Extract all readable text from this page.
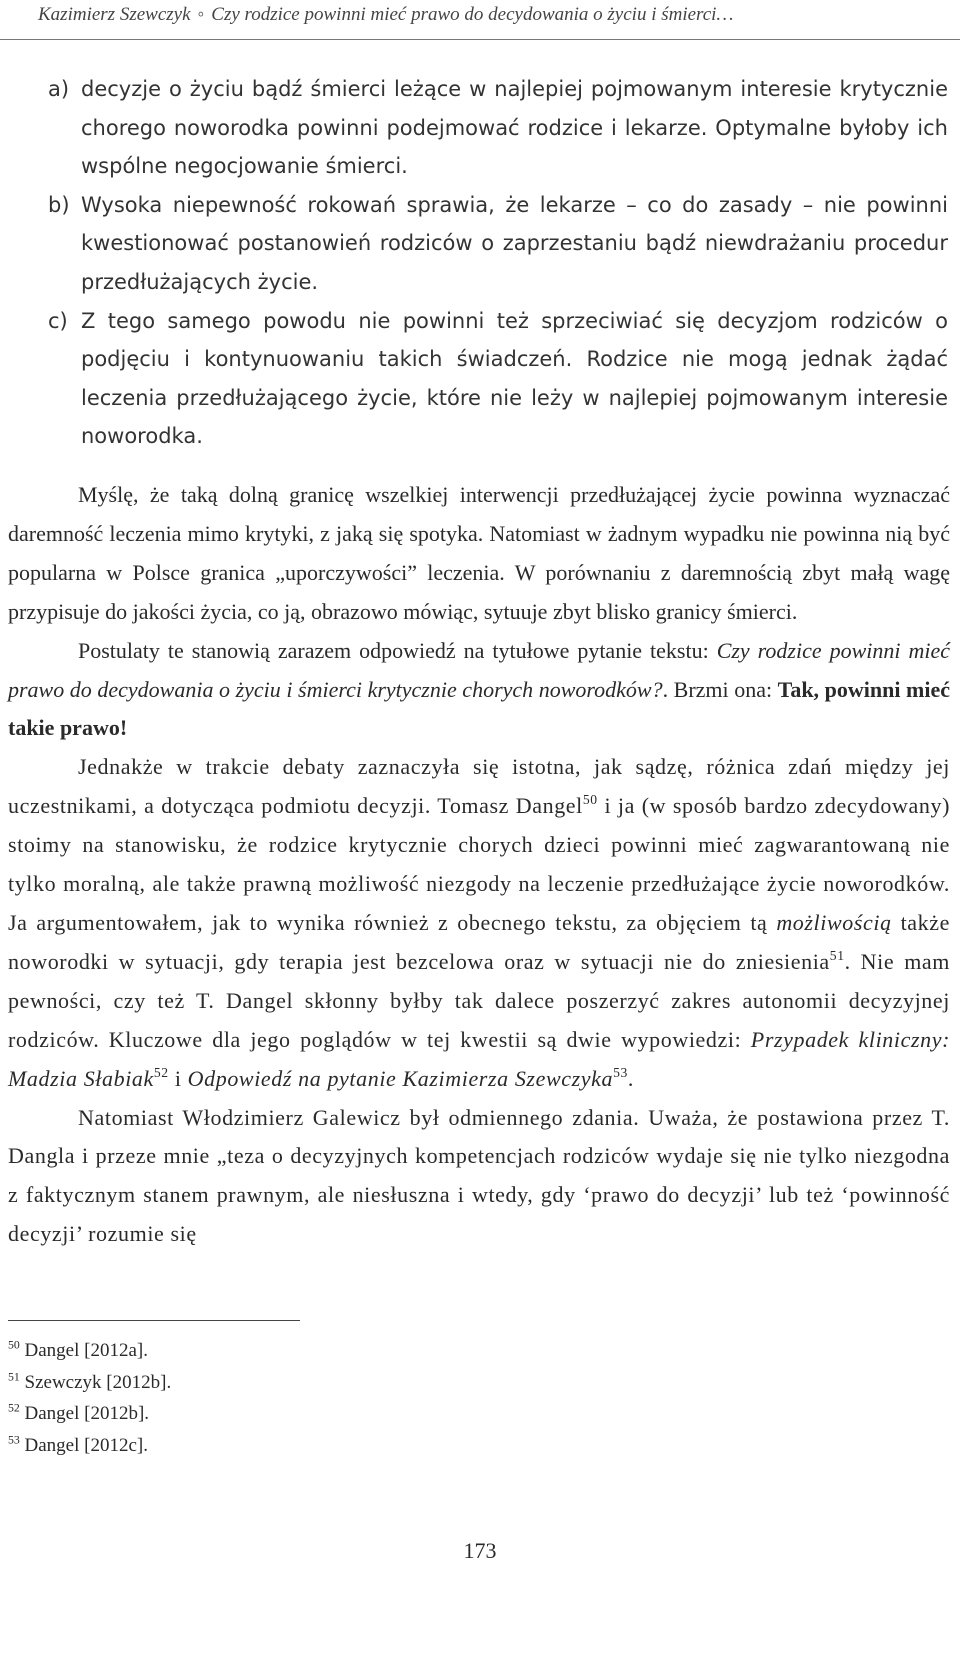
Kazimierz Szewczyk ◦ Czy rodzice powinni mieć prawo do decydowania o życiu i śmierci…
a) decyzje o życiu bądź śmierci leżące w najlepiej pojmowanym interesie krytycznie chorego noworodka powinni podejmować rodzice i lekarze. Optymalne byłoby ich wspólne negocjowanie śmierci.
b) Wysoka niepewność rokowań sprawia, że lekarze – co do zasady – nie powinni kwestionować postanowień rodziców o zaprzestaniu bądź niewdrażaniu procedur przedłużających życie.
c) Z tego samego powodu nie powinni też sprzeciwiać się decyzjom rodziców o podjęciu i kontynuowaniu takich świadczeń. Rodzice nie mogą jednak żądać leczenia przedłużającego życie, które nie leży w najlepiej pojmowanym interesie noworodka.

Myślę, że taką dolną granicę wszelkiej interwencji przedłużającej życie powinna wyznaczać daremność leczenia mimo krytyki, z jaką się spotyka. Natomiast w żadnym wypadku nie powinna nią być popularna w Polsce granica „uporczywości” leczenia. W porównaniu z daremnością zbyt małą wagę przypisuje do jakości życia, co ją, obrazowo mówiąc, sytuuje zbyt blisko granicy śmierci.

Postulaty te stanowią zarazem odpowiedź na tytułowe pytanie tekstu: Czy rodzice powinni mieć prawo do decydowania o życiu i śmierci krytycznie chorych noworodków?. Brzmi ona: Tak, powinni mieć takie prawo!

Jednakże w trakcie debaty zaznaczyła się istotna, jak sądzę, różnica zdań między jej uczestnikami, a dotycząca podmiotu decyzji. Tomasz Dangel$^{50}$ i ja (w sposób bardzo zdecydowany) stoimy na stanowisku, że rodzice krytycznie chorych dzieci powinni mieć zagwarantowaną nie tylko moralną, ale także prawną możliwość niezgody na leczenie przedłużające życie noworodków. Ja argumentowałem, jak to wynika również z obecnego tekstu, za objęciem tą możliwością także noworodki w sytuacji, gdy terapia jest bezcelowa oraz w sytuacji nie do zniesienia$^{51}$. Nie mam pewności, czy też T. Dangel skłonny byłby tak dalece poszerzyć zakres autonomii decyzyjnej rodziców. Kluczowe dla jego poglądów w tej kwestii są dwie wypowiedzi: Przypadek kliniczny: Madzia Słabiak$^{52}$ i Odpowiedź na pytanie Kazimierza Szewczyka$^{53}$.

Natomiast Włodzimierz Galewicz był odmiennego zdania. Uważa, że postawiona przez T. Dangla i przeze mnie „teza o decyzyjnych kompetencjach rodziców wydaje się nie tylko niezgodna z faktycznym stanem prawnym, ale niesłuszna i wtedy, gdy ‘prawo do decyzji’ lub też ‘powinność decyzji’ rozumie się

$^{50}$ Dangel [2012a].
$^{51}$ Szewczyk [2012b].
$^{52}$ Dangel [2012b].
$^{53}$ Dangel [2012c].
173
